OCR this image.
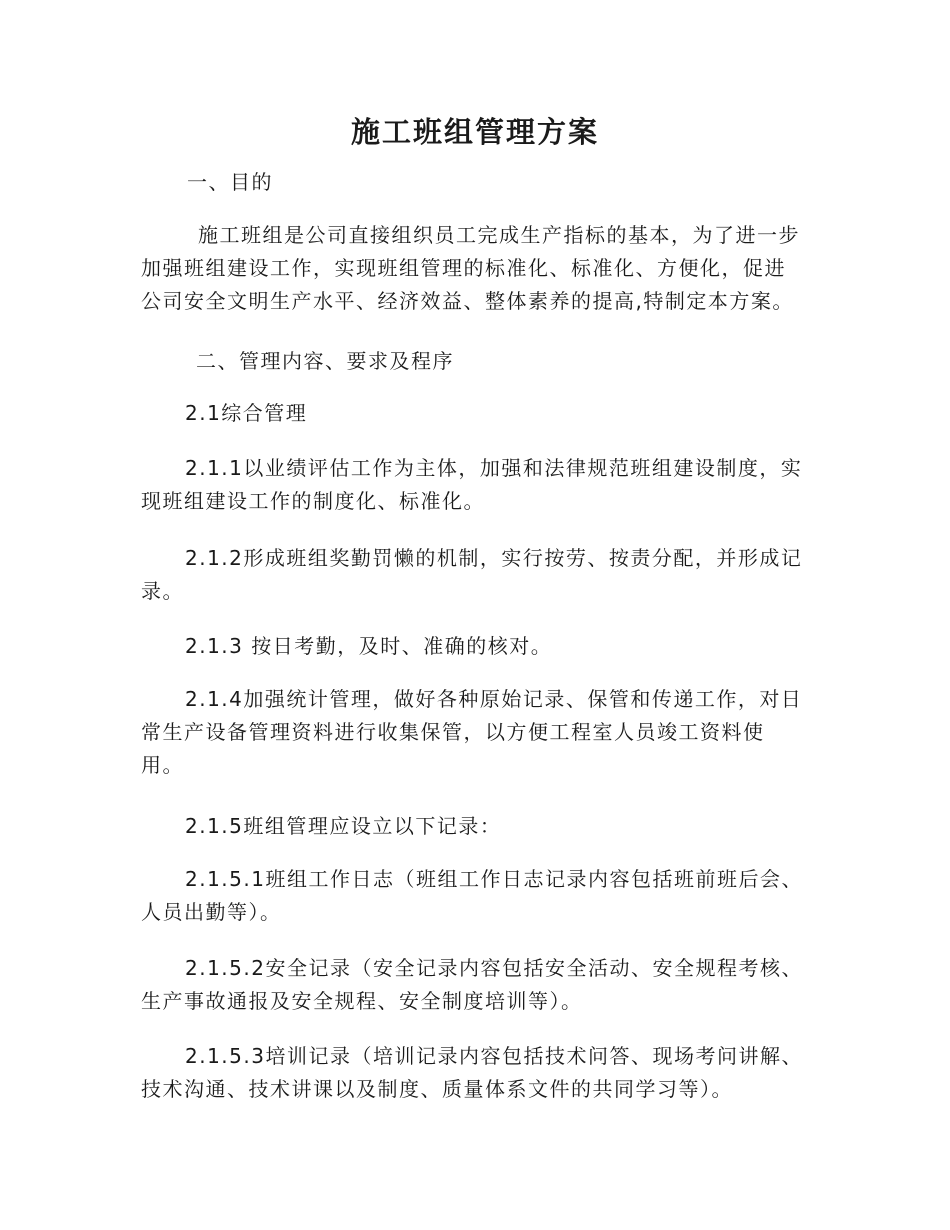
施工班组管理方案
一、目的
施工班组是公司直接组织员工完成生产指标的基本，为了进一步
加强班组建设工作，实现班组管理的标准化、标准化、方便化，促进
公司安全文明生产水平、经济效益、整体素养的提高,特制定本方案。
二、管理内容、要求及程序
2.1综合管理
2.1.1以业绩评估工作为主体，加强和法律规范班组建设制度，实
现班组建设工作的制度化、标准化。
2.1.2形成班组奖勤罚懒的机制，实行按劳、按责分配，并形成记
录。
2.1.3 按日考勤，及时、准确的核对。
2.1.4加强统计管理，做好各种原始记录、保管和传递工作，对日
常生产设备管理资料进行收集保管，以方便工程室人员竣工资料使
用。
2.1.5班组管理应设立以下记录：
2.1.5.1班组工作日志（班组工作日志记录内容包括班前班后会、
人员出勤等）。
2.1.5.2安全记录（安全记录内容包括安全活动、安全规程考核、
生产事故通报及安全规程、安全制度培训等）。
2.1.5.3培训记录（培训记录内容包括技术问答、现场考问讲解、
技术沟通、技术讲课以及制度、质量体系文件的共同学习等）。
